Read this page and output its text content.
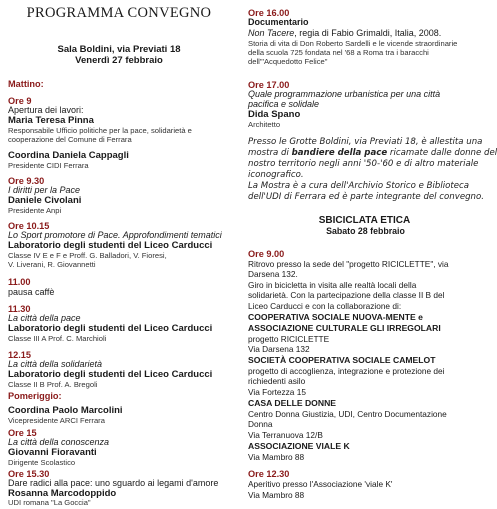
PROGRAMMA CONVEGNO
Sala Boldini, via Previati 18
Venerdì 27 febbraio
Mattino:
Ore 9
Apertura dei lavori:
Maria Teresa Pinna
Responsabile Ufficio politiche per la pace, solidarietà e
cooperazione del Comune di Ferrara
Coordina Daniela Cappagli
Presidente CIDI Ferrara
Ore 9.30
I diritti per la Pace
Daniele Civolani
Presidente Anpi
Ore 10.15
Lo Sport promotore di Pace. Approfondimenti tematici
Laboratorio degli studenti del Liceo Carducci
Classe IV E e F e Proff. G. Balladori, V. Fioresi,
V. Liverani, R. Giovannetti
11.00
pausa caffè
11.30
La città della pace
Laboratorio degli studenti del Liceo Carducci
Classe III A Prof. C. Marchioli
12.15
La città della solidarietà
Laboratorio degli studenti del Liceo Carducci
Classe II B Prof. A. Bregoli
Pomeriggio:
Coordina Paolo Marcolini
Vicepresidente ARCI Ferrara
Ore 15
La città della conoscenza
Giovanni Fioravanti
Dirigente Scolastico
Ore 15.30
Dare radici alla pace: uno sguardo ai legami d'amore
Rosanna Marcodoppido
UDI romana "La Goccia"
Ore 16.00
Documentario
Non Tacere, regia di Fabio Grimaldi, Italia, 2008.
Storia di vita di Don Roberto Sardelli e le vicende straordinarie
della scuola 725 fondata nel '68 a Roma tra i baracchi
dell'"Acquedotto Felice"
Ore 17.00
Quale programmazione urbanistica per una città
pacifica e solidale
Dida Spano
Architetto
Presso le Grotte Boldini, via Previati 18, è allestita una
mostra di bandiere della pace ricamate dalle donne del
nostro territorio negli anni '50-'60 e di altro materiale
iconografico.
La Mostra è a cura dell'Archivio Storico e Biblioteca
dell'UDI di Ferrara ed è parte integrante del convegno.
SBICICLATA ETICA
Sabato 28 febbraio
Ore 9.00
Ritrovo presso la sede del "progetto RICICLETTE", via
Darsena 132.
Giro in bicicletta in visita alle realtà locali della
solidarietà. Con la partecipazione della classe II B del
Liceo Carducci e con la collaborazione di:
COOPERATIVA SOCIALE NUOVA-MENTE e
ASSOCIAZIONE CULTURALE GLI IRREGOLARI
progetto RICICLETTE
Via Darsena 132
SOCIETÀ COOPERATIVA SOCIALE CAMELOT
progetto di accoglienza, integrazione e protezione dei
richiedenti asilo
Via Fortezza 15
CASA DELLE DONNE
Centro Donna Giustizia, UDI, Centro Documentazione
Donna
Via Terranuova 12/B
ASSOCIAZIONE VIALE K
Via Mambro 88
Ore 12.30
Aperitivo presso l'Associazione 'viale K'
Via Mambro 88
